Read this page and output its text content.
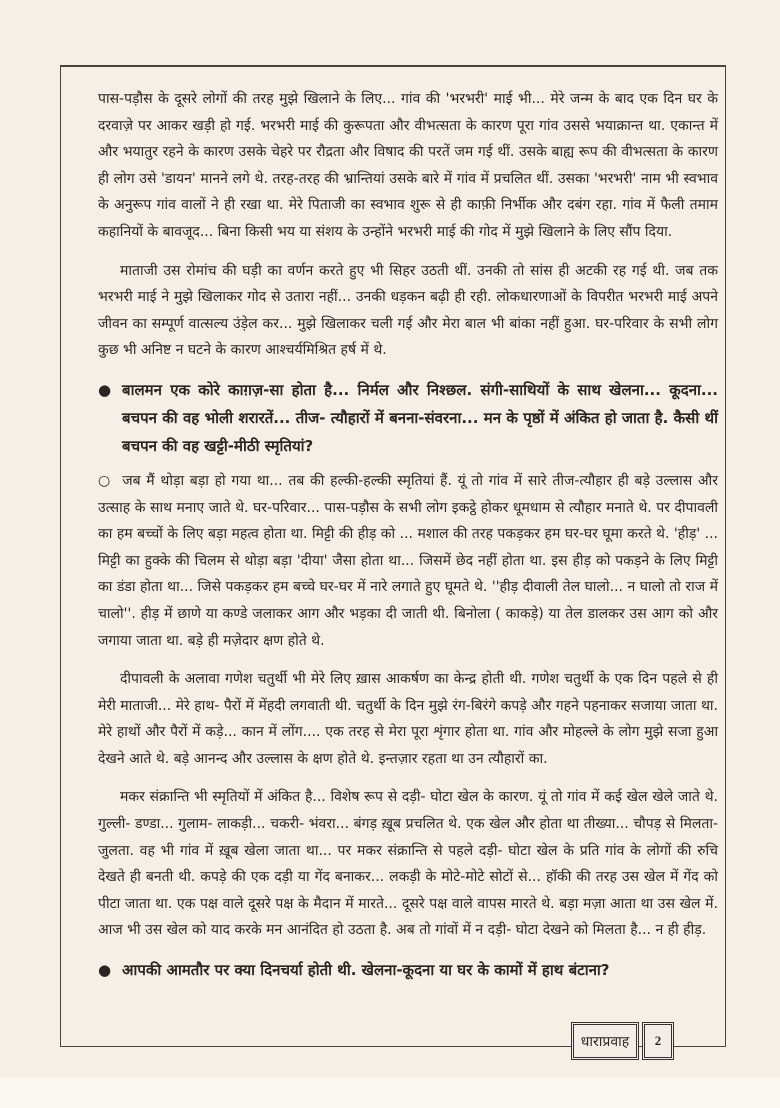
पास-पड़ौस के दूसरे लोगों की तरह मुझे खिलाने के लिए... गांव की 'भरभरी' माई भी... मेरे जन्म के बाद एक दिन घर के दरवाज़े पर आकर खड़ी हो गई. भरभरी माई की कुरूपता और वीभत्सता के कारण पूरा गांव उससे भयाक्रान्त था. एकान्त में और भयातुर रहने के कारण उसके चेहरे पर रौद्रता और विषाद की परतें जम गई थीं. उसके बाह्य रूप की वीभत्सता के कारण ही लोग उसे 'डायन' मानने लगे थे. तरह-तरह की भ्रान्तियां उसके बारे में गांव में प्रचलित थीं. उसका 'भरभरी' नाम भी स्वभाव के अनुरूप गांव वालों ने ही रखा था. मेरे पिताजी का स्वभाव शुरू से ही काफ़ी निर्भीक और दबंग रहा. गांव में फैली तमाम कहानियों के बावजूद... बिना किसी भय या संशय के उन्होंने भरभरी माई की गोद में मुझे खिलाने के लिए सौंप दिया.

माताजी उस रोमांच की घड़ी का वर्णन करते हुए भी सिहर उठती थीं. उनकी तो सांस ही अटकी रह गई थी. जब तक भरभरी माई ने मुझे खिलाकर गोद से उतारा नहीं... उनकी धड़कन बढ़ी ही रही. लोकधारणाओं के विपरीत भरभरी माई अपने जीवन का सम्पूर्ण वात्सल्य उंड़ेल कर... मुझे खिलाकर चली गई और मेरा बाल भी बांका नहीं हुआ. घर-परिवार के सभी लोग कुछ भी अनिष्ट न घटने के कारण आश्चर्यमिश्रित हर्ष में थे.

● बालमन एक कोरे काग़ज़-सा होता है... निर्मल और निश्छल. संगी-साथियों के साथ खेलना... कूदना... बचपन की वह भोली शरारतें... तीज- त्यौहारों में बनना-संवरना... मन के पृष्ठों में अंकित हो जाता है. कैसी थीं बचपन की वह खट्टी-मीठी स्मृतियां?

○ जब मैं थोड़ा बड़ा हो गया था... तब की हल्की-हल्की स्मृतियां हैं. यूं तो गांव में सारे तीज-त्यौहार ही बड़े उल्लास और उत्साह के साथ मनाए जाते थे. घर-परिवार... पास-पड़ौस के सभी लोग इकट्ठे होकर धूमधाम से त्यौहार मनाते थे. पर दीपावली का हम बच्चों के लिए बड़ा महत्व होता था. मिट्टी की हीड़ को ... मशाल की तरह पकड़कर हम घर-घर घूमा करते थे. 'हीड़' ... मिट्टी का हुक्के की चिलम से थोड़ा बड़ा 'दीया' जैसा होता था... जिसमें छेद नहीं होता था. इस हीड़ को पकड़ने के लिए मिट्टी का डंडा होता था... जिसे पकड़कर हम बच्चे घर-घर में नारे लगाते हुए घूमते थे. ''हीड़ दीवाली तेल घालो... न घालो तो राज में चालो''. हीड़ में छाणे या कण्डे जलाकर आग और भड़का दी जाती थी. बिनोला ( काकड़े) या तेल डालकर उस आग को और जगाया जाता था. बड़े ही मज़ेदार क्षण होते थे.

दीपावली के अलावा गणेश चतुर्थी भी मेरे लिए ख़ास आकर्षण का केन्द्र होती थी. गणेश चतुर्थी के एक दिन पहले से ही मेरी माताजी... मेरे हाथ- पैरों में मेंहदी लगवाती थी. चतुर्थी के दिन मुझे रंग-बिरंगे कपड़े और गहने पहनाकर सजाया जाता था. मेरे हाथों और पैरों में कड़े... कान में लोंग.... एक तरह से मेरा पूरा शृंगार होता था. गांव और मोहल्ले के लोग मुझे सजा हुआ देखने आते थे. बड़े आनन्द और उल्लास के क्षण होते थे. इन्तज़ार रहता था उन त्यौहारों का.

मकर संक्रान्ति भी स्मृतियों में अंकित है... विशेष रूप से दड़ी- घोटा खेल के कारण. यूं तो गांव में कई खेल खेले जाते थे. गुल्ली- डण्डा... गुलाम- लाकड़ी... चकरी- भंवरा... बंगड़ ख़ूब प्रचलित थे. एक खेल और होता था तीख्या... चौपड़ से मिलता- जुलता. वह भी गांव में ख़ूब खेला जाता था... पर मकर संक्रान्ति से पहले दड़ी- घोटा खेल के प्रति गांव के लोगों की रुचि देखते ही बनती थी. कपड़े की एक दड़ी या गेंद बनाकर... लकड़ी के मोटे-मोटे सोटों से... हॉकी की तरह उस खेल में गेंद को पीटा जाता था. एक पक्ष वाले दूसरे पक्ष के मैदान में मारते... दूसरे पक्ष वाले वापस मारते थे. बड़ा मज़ा आता था उस खेल में. आज भी उस खेल को याद करके मन आनंदित हो उठता है. अब तो गांवों में न दड़ी- घोटा देखने को मिलता है... न ही हीड़.

● आपकी आमतौर पर क्या दिनचर्या होती थी. खेलना-कूदना या घर के कामों में हाथ बंटाना?

धाराप्रवाह	2
